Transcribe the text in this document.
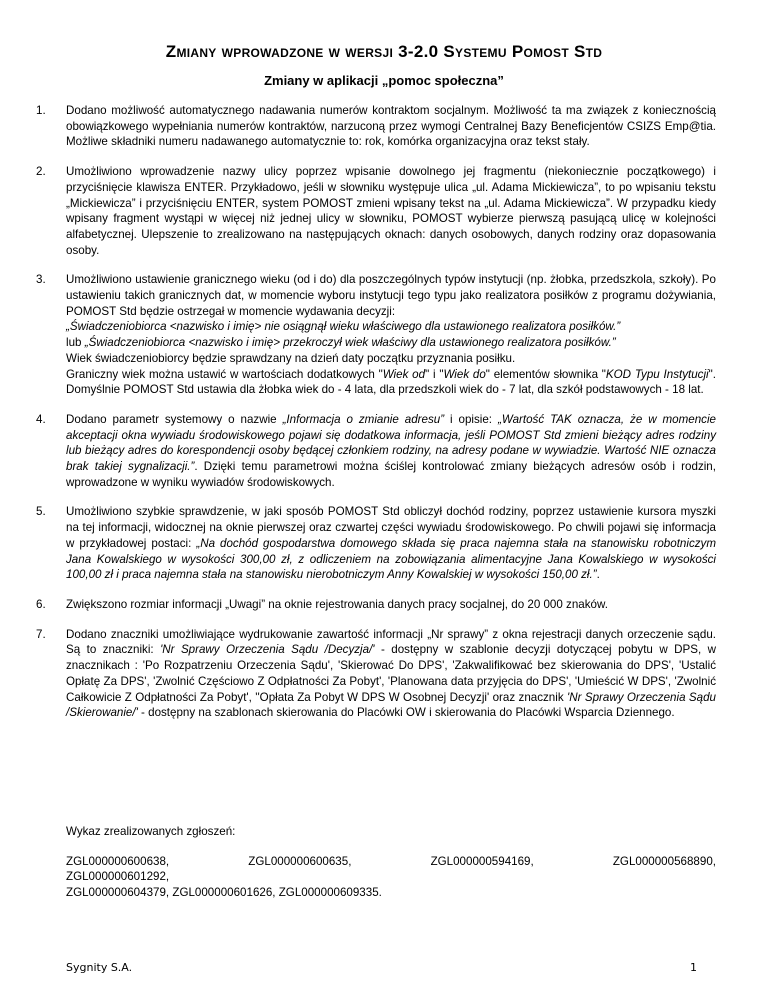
Zmiany wprowadzone w wersji 3-2.0 Systemu Pomost Std
Zmiany w aplikacji „pomoc społeczna”
1. Dodano możliwość automatycznego nadawania numerów kontraktom socjalnym. Możliwość ta ma związek z koniecznością obowiązkowego wypełniania numerów kontraktów, narzuconą przez wymogi Centralnej Bazy Beneficjentów CSIZS Emp@tia. Możliwe składniki numeru nadawanego automatycznie to: rok, komórka organizacyjna oraz tekst stały.
2. Umożliwiono wprowadzenie nazwy ulicy poprzez wpisanie dowolnego jej fragmentu (niekoniecznie początkowego) i przyciśnięcie klawisza ENTER. Przykładowo, jeśli w słowniku występuje ulica „ul. Adama Mickiewicza”, to po wpisaniu tekstu „Mickiewicza” i przyciśnięciu ENTER, system POMOST zmieni wpisany tekst na „ul. Adama Mickiewicza”. W przypadku kiedy wpisany fragment wystąpi w więcej niż jednej ulicy w słowniku, POMOST wybierze pierwszą pasującą ulicę w kolejności alfabetycznej. Ulepszenie to zrealizowano na następujących oknach: danych osobowych, danych rodziny oraz dopasowania osoby.
3. Umożliwiono ustawienie granicznego wieku (od i do) dla poszczególnych typów instytucji (np. żłobka, przedszkola, szkoły). Po ustawieniu takich granicznych dat, w momencie wyboru instytucji tego typu jako realizatora posiłków z programu dożywiania, POMOST Std będzie ostrzegał w momencie wydawania decyzji:
„Świadczeniobiorca <nazwisko i imię> nie osiągnął wieku właściwego dla ustawionego realizatora posiłków.”
lub „Świadczeniobiorca <nazwisko i imię> przekroczył wiek właściwy dla ustawionego realizatora posiłków.”
Wiek świadczeniobiorcy będzie sprawdzany na dzień daty początku przyznania posiłku.
Graniczny wiek można ustawić w wartościach dodatkowych "Wiek od" i "Wiek do" elementów słownika "KOD Typu Instytucji". Domyślnie POMOST Std ustawia dla żłobka wiek do - 4 lata, dla przedszkoli wiek do - 7 lat, dla szkół podstawowych - 18 lat.
4. Dodano parametr systemowy o nazwie „Informacja o zmianie adresu” i opisie: „Wartość TAK oznacza, że w momencie akceptacji okna wywiadu środowiskowego pojawi się dodatkowa informacja, jeśli POMOST Std zmieni bieżący adres rodziny lub bieżący adres do korespondencji osoby będącej członkiem rodziny, na adresy podane w wywiadzie. Wartość NIE oznacza brak takiej sygnalizacji.”. Dzięki temu parametrowi można ściślej kontrolować zmiany bieżących adresów osób i rodzin, wprowadzone w wyniku wywiadów środowiskowych.
5. Umożliwiono szybkie sprawdzenie, w jaki sposób POMOST Std obliczył dochód rodziny, poprzez ustawienie kursora myszki na tej informacji, widocznej na oknie pierwszej oraz czwartej części wywiadu środowiskowego. Po chwili pojawi się informacja w przykładowej postaci: „Na dochód gospodarstwa domowego składa się praca najemna stała na stanowisku robotniczym Jana Kowalskiego w wysokości 300,00 zł, z odliczeniem na zobowiązania alimentacyjne Jana Kowalskiego w wysokości 100,00 zł i praca najemna stała na stanowisku nierobotniczym Anny Kowalskiej w wysokości 150,00 zł.”.
6. Zwiększono rozmiar informacji „Uwagi” na oknie rejestrowania danych pracy socjalnej, do 20 000 znaków.
7. Dodano znaczniki umożliwiające wydrukowanie zawartość informacji „Nr sprawy” z okna rejestracji danych orzeczenie sądu. Są to znaczniki: 'Nr Sprawy Orzeczenia Sądu /Decyzja/' - dostępny w szablonie decyzji dotyczącej pobytu w DPS, w znacznikach : 'Po Rozpatrzeniu Orzeczenia Sądu', 'Skierować Do DPS', 'Zakwalifikować bez skierowania do DPS', 'Ustalić Opłatę Za DPS', 'Zwolnić Częściowo Z Odpłatności Za Pobyt', 'Planowana data przyjęcia do DPS', 'Umieścić W DPS', 'Zwolnić Całkowicie Z Odpłatności Za Pobyt', ''Opłata Za Pobyt W DPS W Osobnej Decyzji' oraz znacznik 'Nr Sprawy Orzeczenia Sądu /Skierowanie/' - dostępny na szablonach skierowania do Placówki OW i skierowania do Placówki Wsparcia Dziennego.
Wykaz zrealizowanych zgłoszeń:
ZGL000000600638, ZGL000000600635, ZGL000000594169, ZGL000000568890, ZGL000000601292,
ZGL000000604379, ZGL000000601626, ZGL000000609335.
Sygnity S.A.	1
